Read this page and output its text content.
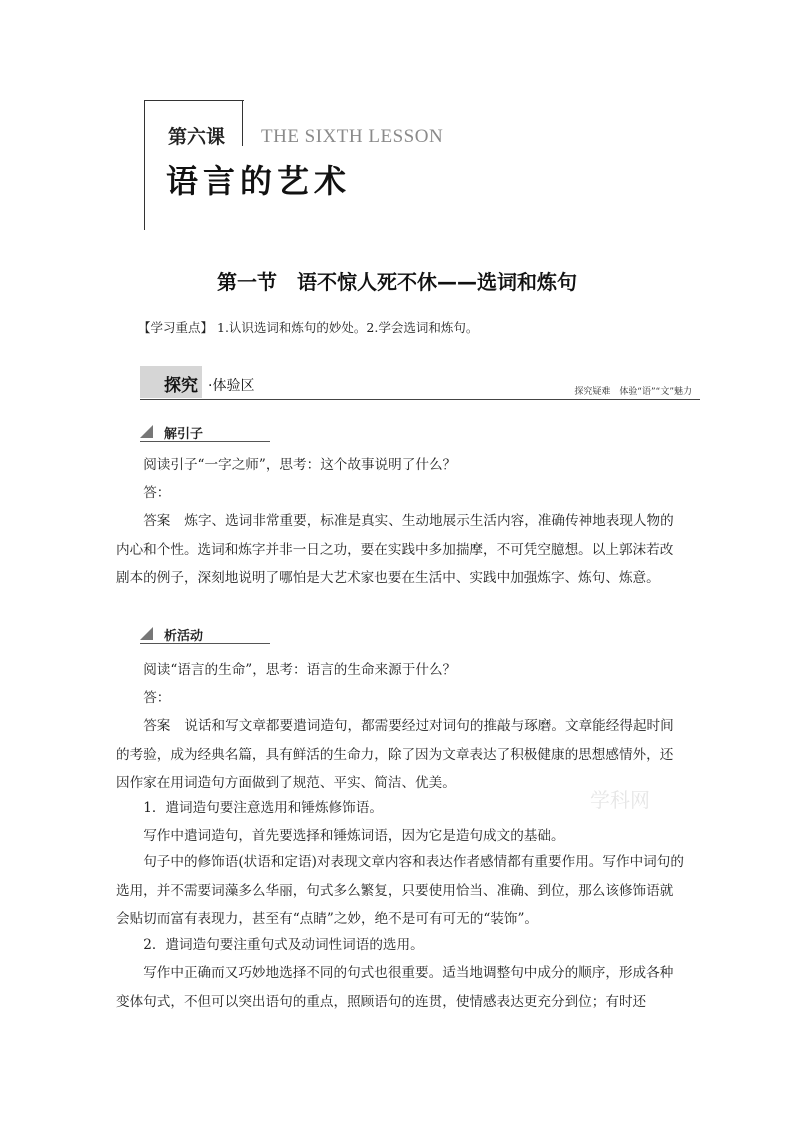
第六课 THE SIXTH LESSON
语言的艺术
第一节　语不惊人死不休——选词和炼句
【学习重点】 1.认识选词和炼句的妙处。2.学会选词和炼句。
探究 ·体验区	探究疑难　体验“语”“文”魅力
解引子
阅读引子“一字之师”，思考：这个故事说明了什么？
答：
答案 炼字、选词非常重要，标准是真实、生动地展示生活内容，准确传神地表现人物的内心和个性。选词和炼字并非一日之功，要在实践中多加揣摩，不可凭空臆想。以上郭沫若改剧本的例子，深刻地说明了哪怕是大艺术家也要在生活中、实践中加强炼字、炼句、炼意。
析活动
阅读“语言的生命”，思考：语言的生命来源于什么？
答：
答案 说话和写文章都要遣词造句，都需要经过对词句的推敲与琢磨。文章能经得起时间的考验，成为经典名篇，具有鲜活的生命力，除了因为文章表达了积极健康的思想感情外，还因作家在用词造句方面做到了规范、平实、简洁、优美。
1．遣词造句要注意选用和锤炼修饰语。
写作中遣词造句，首先要选择和锤炼词语，因为它是造句成文的基础。
句子中的修饰语(状语和定语)对表现文章内容和表达作者感情都有重要作用。写作中词句的选用，并不需要词藻多么华丽，句式多么繁复，只要使用恰当、准确、到位，那么该修饰语就会贴切而富有表现力，甚至有“点睛”之妙，绝不是可有可无的“装饰”。
2．遣词造句要注重句式及动词性词语的选用。
写作中正确而又巧妙地选择不同的句式也很重要。适当地调整句中成分的顺序，形成各种变体句式，不但可以突出语句的重点，照顾语句的连贯，使情感表达更充分到位；有时还
学科网
